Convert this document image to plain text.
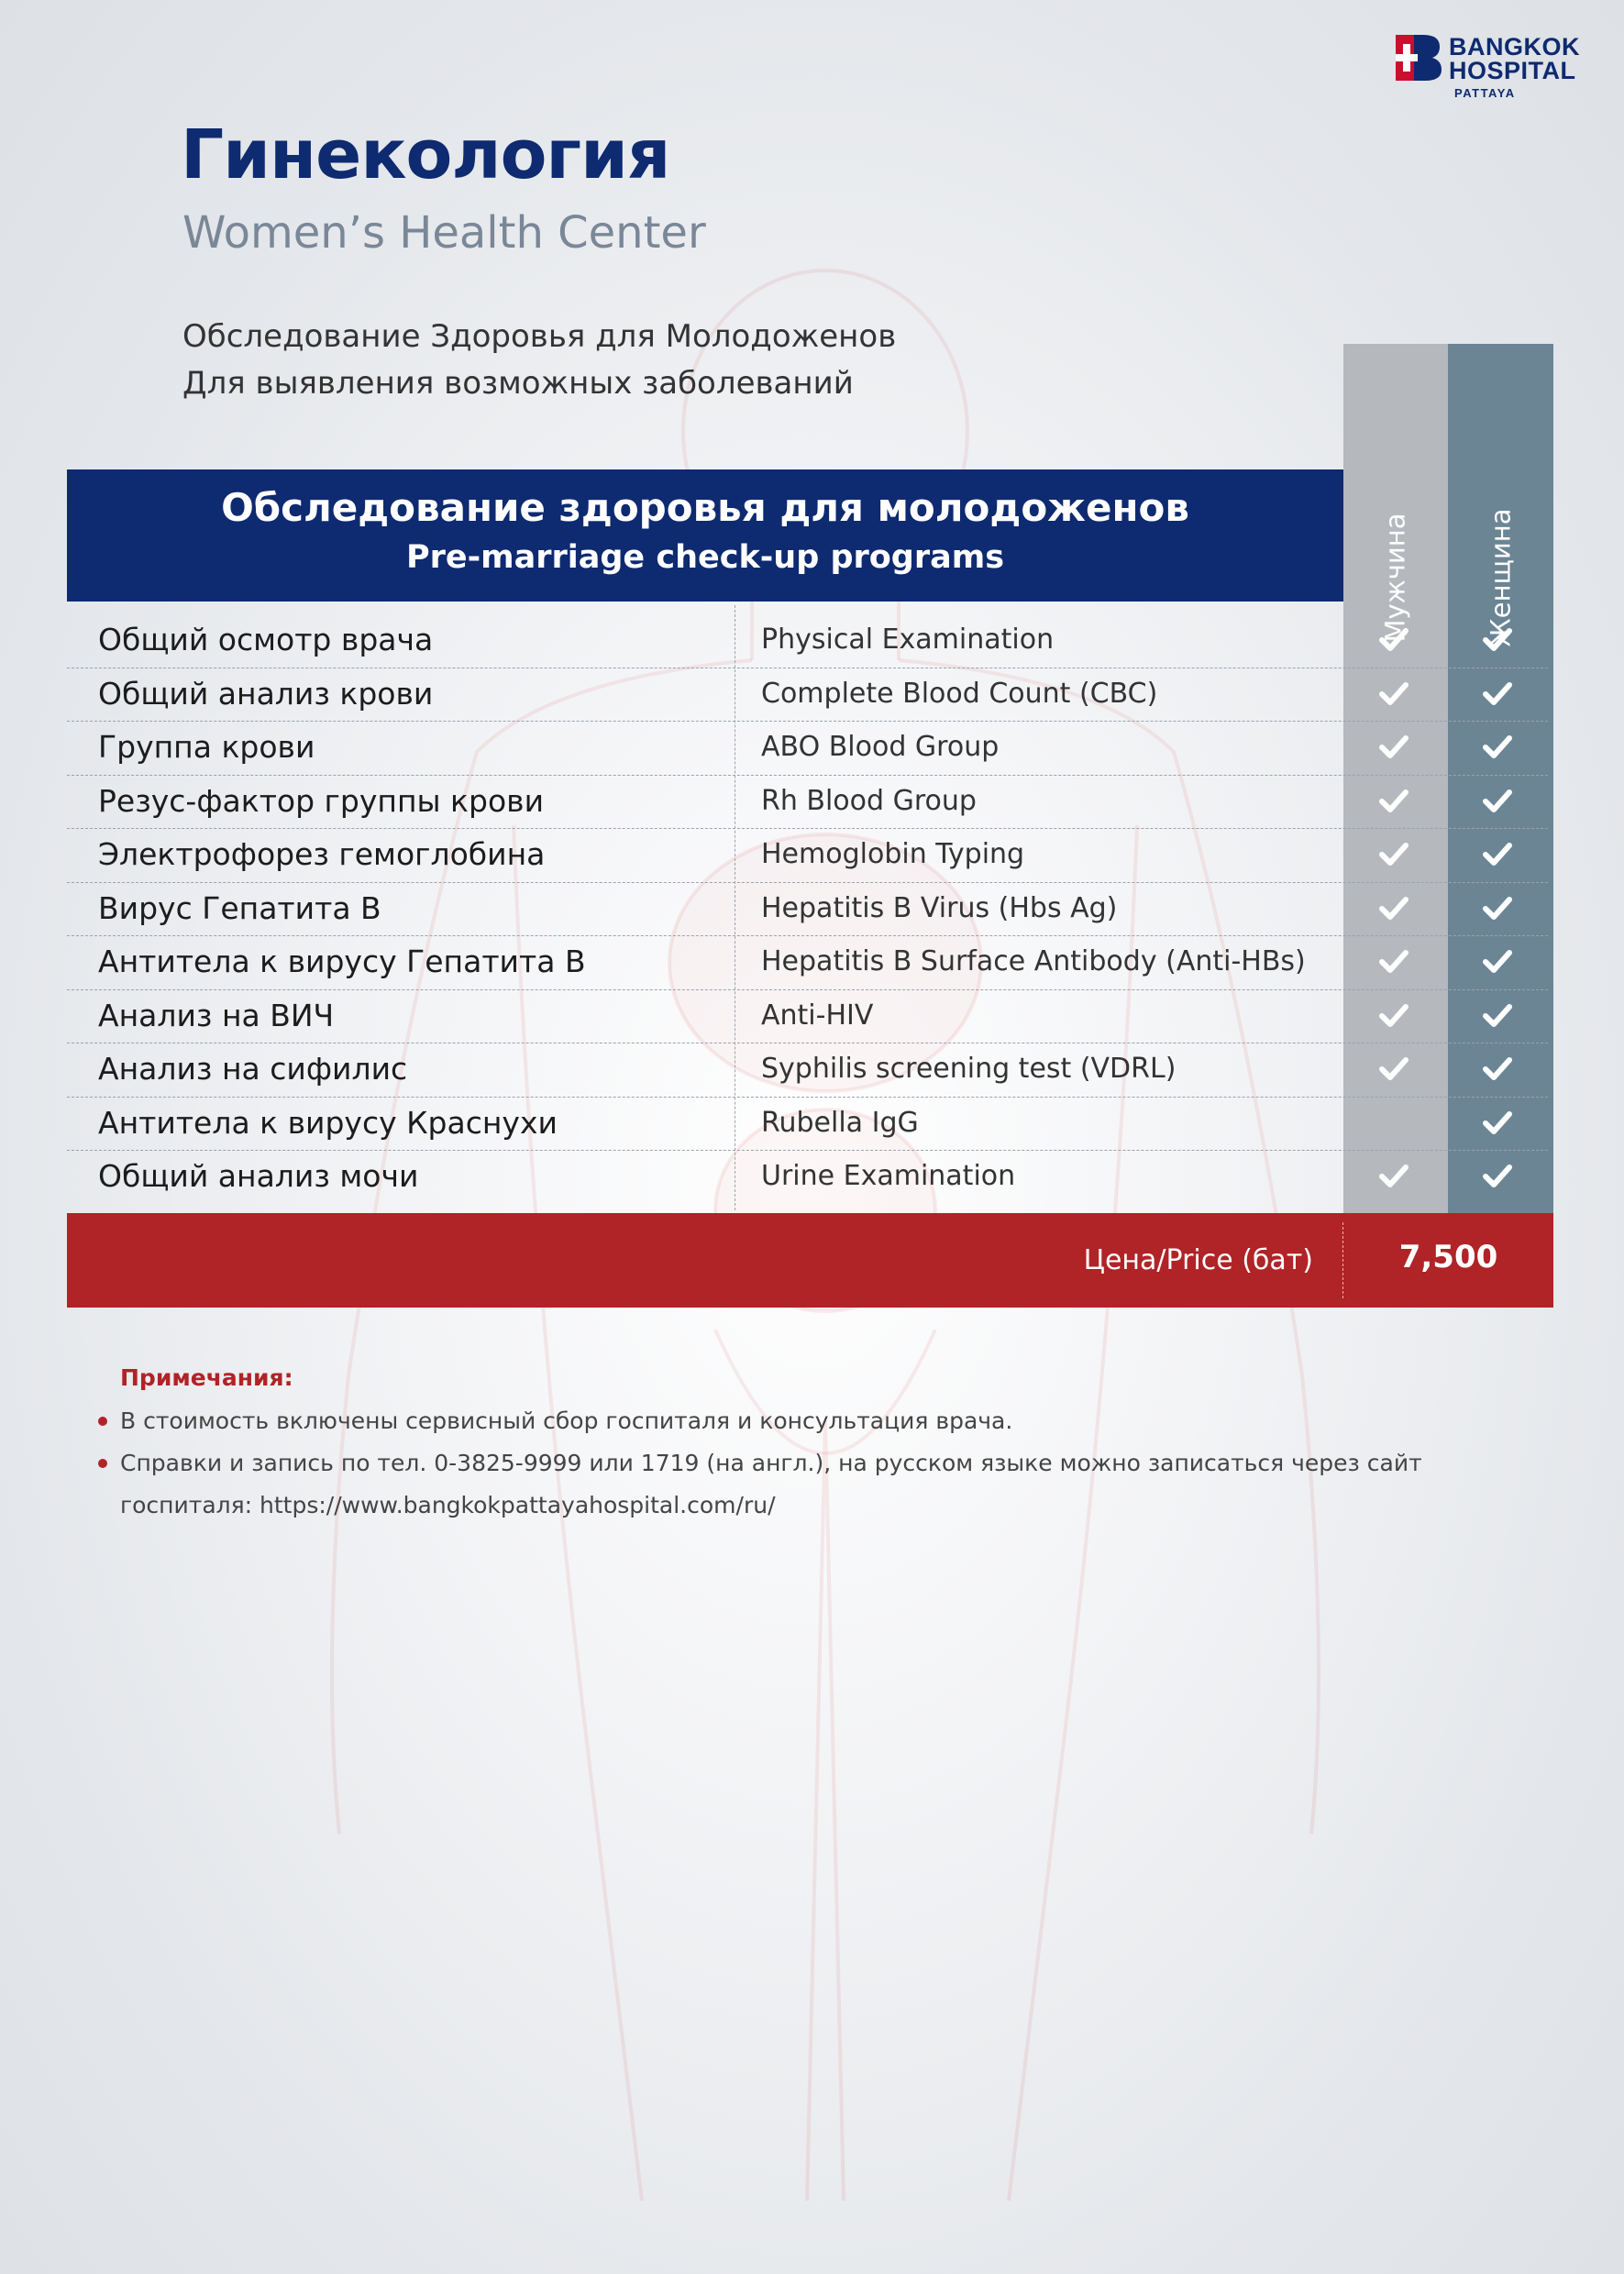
BANGKOK
HOSPITAL
PATTAYA
Гинекология
Women’s Health Center
Обследование Здоровья для Молодоженов
Для выявления возможных заболеваний
Мужчина	Женщина
Обследование здоровья для молодоженов
Pre-marriage check-up programs
Общий осмотр врача	Physical Examination
Общий анализ крови	Complete Blood Count (CBC)
Группа крови	ABO Blood Group
Резус-фактор группы крови	Rh Blood Group
Электрофорез гемоглобина	Hemoglobin Typing
Вирус Гепатита В	Hepatitis B Virus (Hbs Ag)
Антитела к вирусу Гепатита В	Hepatitis B Surface Antibody (Anti-HBs)
Анализ на ВИЧ	Anti-HIV
Анализ на сифилис	Syphilis screening test (VDRL)
Антитела к вирусу Краснухи	Rubella IgG
Общий анализ мочи	Urine Examination
Цена/Price (бат)	7,500
Примечания:
В стоимость включены сервисный сбор госпиталя и консультация врача.
Справки и запись по тел. 0-3825-9999 или 1719 (на англ.), на русском языке можно записаться через сайт госпиталя: https://www.bangkokpattayahospital.com/ru/
